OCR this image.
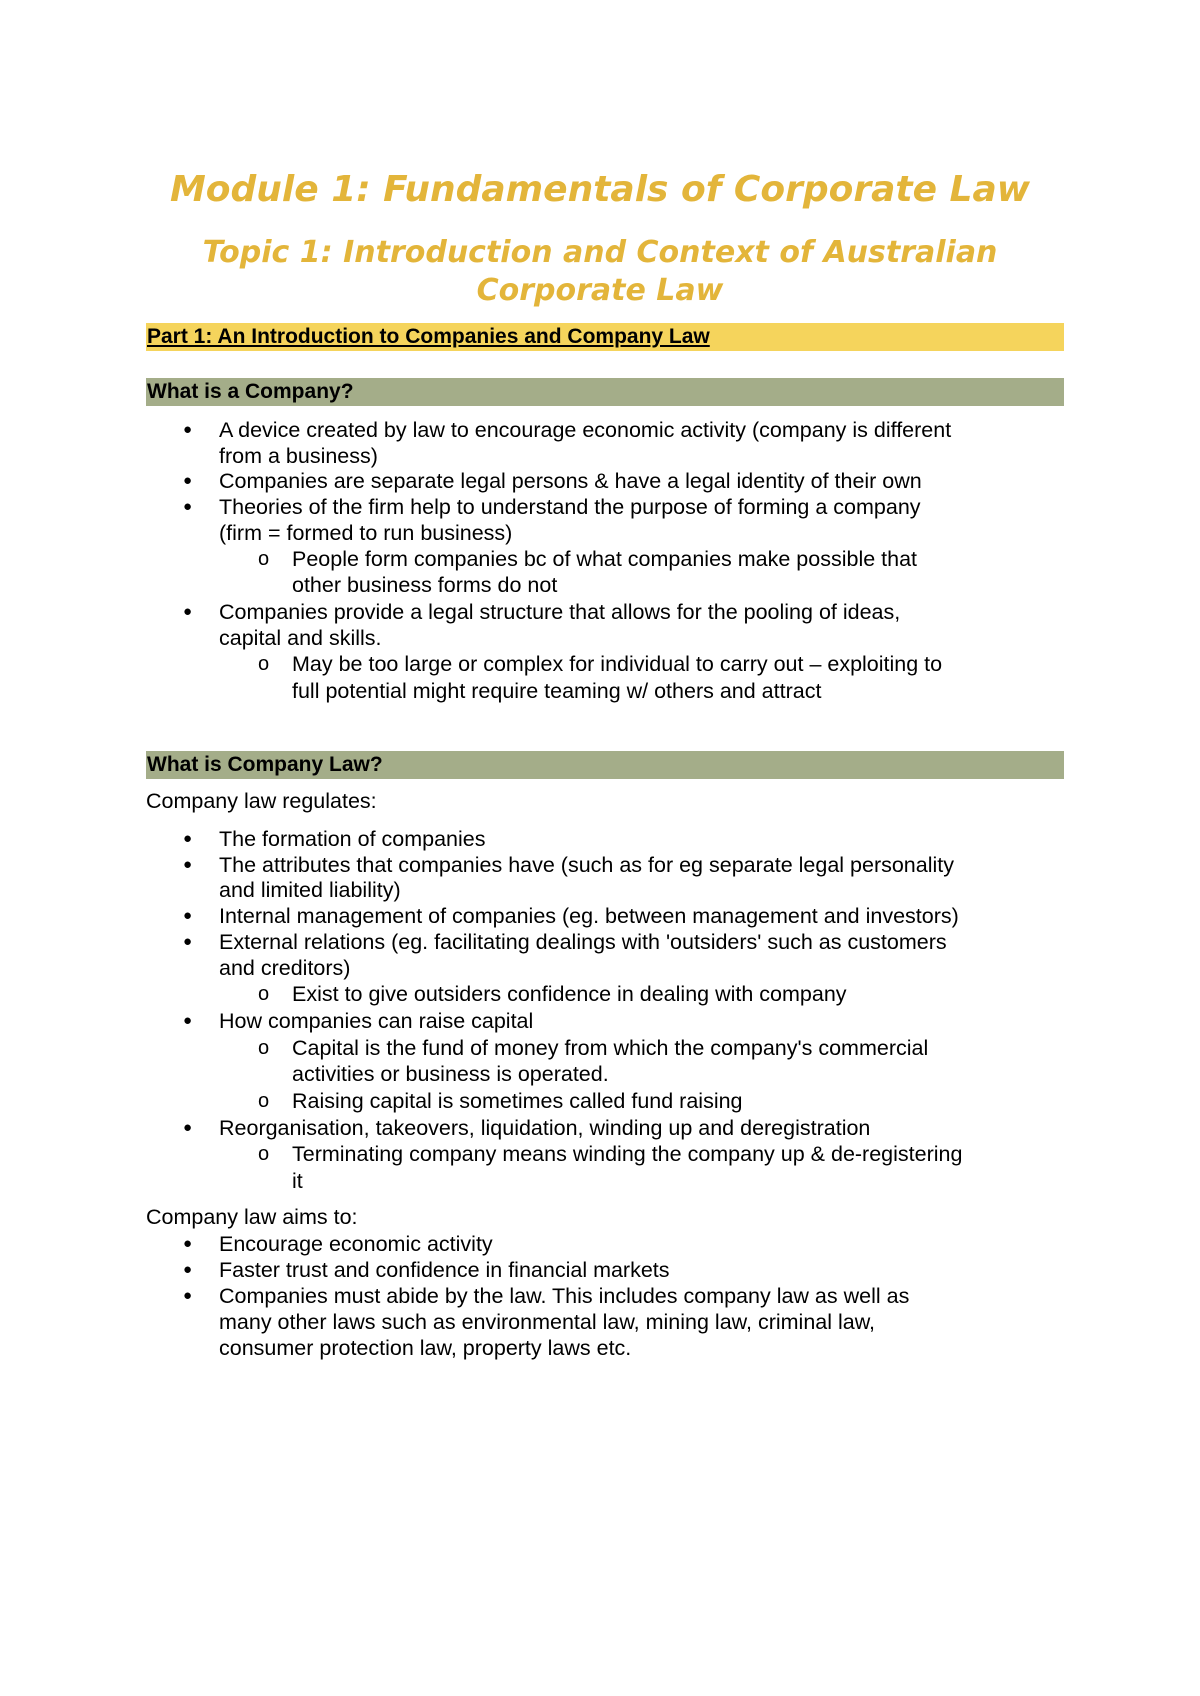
Module 1: Fundamentals of Corporate Law
Topic 1: Introduction and Context of Australian
Corporate Law
Part 1: An Introduction to Companies and Company Law
What is a Company?
● A device created by law to encourage economic activity (company is different
from a business)
● Companies are separate legal persons & have a legal identity of their own
● Theories of the firm help to understand the purpose of forming a company
(firm = formed to run business)
o People form companies bc of what companies make possible that
other business forms do not
● Companies provide a legal structure that allows for the pooling of ideas,
capital and skills.
o May be too large or complex for individual to carry out – exploiting to
full potential might require teaming w/ others and attract
What is Company Law?
Company law regulates:
● The formation of companies
● The attributes that companies have (such as for eg separate legal personality
and limited liability)
● Internal management of companies (eg. between management and investors)
● External relations (eg. facilitating dealings with 'outsiders' such as customers
and creditors)
o Exist to give outsiders confidence in dealing with company
● How companies can raise capital
o Capital is the fund of money from which the company's commercial
activities or business is operated.
o Raising capital is sometimes called fund raising
● Reorganisation, takeovers, liquidation, winding up and deregistration
o Terminating company means winding the company up & de-registering
it
Company law aims to:
● Encourage economic activity
● Faster trust and confidence in financial markets
● Companies must abide by the law. This includes company law as well as
many other laws such as environmental law, mining law, criminal law,
consumer protection law, property laws etc.
